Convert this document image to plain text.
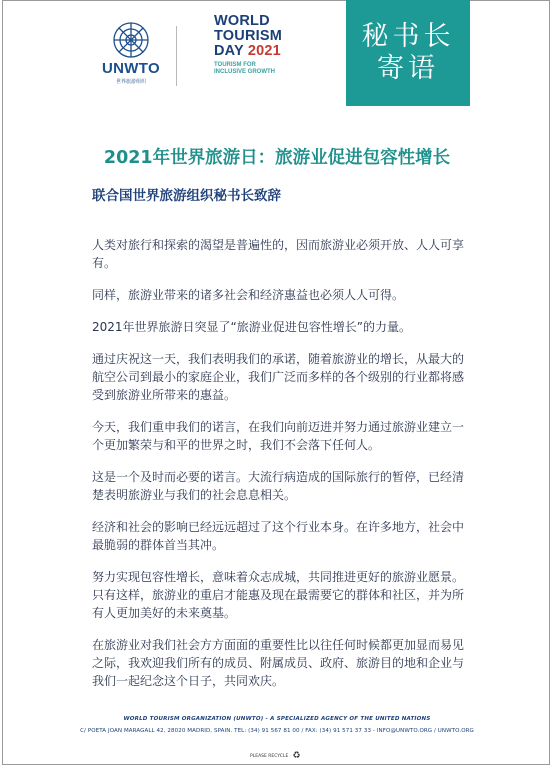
UNWTO
世界旅游组织
WORLD
TOURISM
DAY 2021
TOURISM FOR
INCLUSIVE GROWTH
秘书长
寄语
2021年世界旅游日：旅游业促进包容性增长
联合国世界旅游组织秘书长致辞

人类对旅行和探索的渴望是普遍性的，因而旅游业必须开放、人人可享有。

同样，旅游业带来的诸多社会和经济惠益也必须人人可得。

2021年世界旅游日突显了“旅游业促进包容性增长”的力量。

通过庆祝这一天，我们表明我们的承诺，随着旅游业的增长，从最大的航空公司到最小的家庭企业，我们广泛而多样的各个级别的行业都将感受到旅游业所带来的惠益。

今天，我们重申我们的诺言，在我们向前迈进并努力通过旅游业建立一个更加繁荣与和平的世界之时，我们不会落下任何人。

这是一个及时而必要的诺言。大流行病造成的国际旅行的暂停，已经清楚表明旅游业与我们的社会息息相关。

经济和社会的影响已经远远超过了这个行业本身。在许多地方，社会中最脆弱的群体首当其冲。

努力实现包容性增长，意味着众志成城，共同推进更好的旅游业愿景。只有这样，旅游业的重启才能惠及现在最需要它的群体和社区，并为所有人更加美好的未来奠基。

在旅游业对我们社会方方面面的重要性比以往任何时候都更加显而易见之际，我欢迎我们所有的成员、附属成员、政府、旅游目的地和企业与我们一起纪念这个日子，共同欢庆。

WORLD TOURISM ORGANIZATION (UNWTO) - A SPECIALIZED AGENCY OF THE UNITED NATIONS
C/ POETA JOAN MARAGALL 42, 28020 MADRID, SPAIN. TEL: (34) 91 567 81 00 / FAX: (34) 91 571 37 33 - INFO@UNWTO.ORG / UNWTO.ORG
PLEASE RECYCLE ♻
